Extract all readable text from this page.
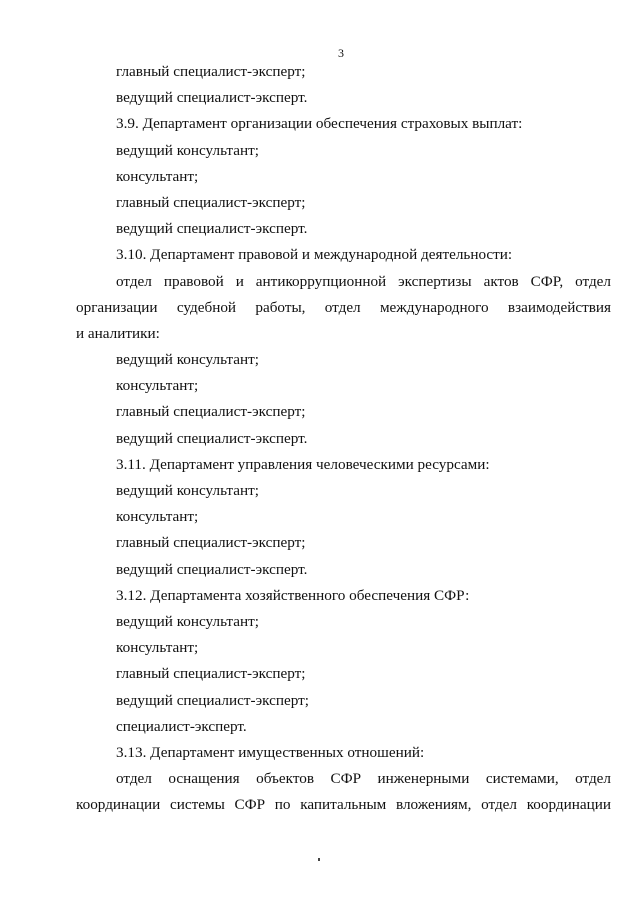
3
главный специалист-эксперт;
ведущий специалист-эксперт.
3.9. Департамент организации обеспечения страховых выплат:
ведущий консультант;
консультант;
главный специалист-эксперт;
ведущий специалист-эксперт.
3.10. Департамент правовой и международной деятельности:
отдел правовой и антикоррупционной экспертизы актов СФР, отдел
организации судебной работы, отдел международного взаимодействия
и аналитики:
ведущий консультант;
консультант;
главный специалист-эксперт;
ведущий специалист-эксперт.
3.11. Департамент управления человеческими ресурсами:
ведущий консультант;
консультант;
главный специалист-эксперт;
ведущий специалист-эксперт.
3.12. Департамента хозяйственного обеспечения СФР:
ведущий консультант;
консультант;
главный специалист-эксперт;
ведущий специалист-эксперт;
специалист-эксперт.
3.13. Департамент имущественных отношений:
отдел оснащения объектов СФР инженерными системами, отдел
координации системы СФР по капитальным вложениям, отдел координации
